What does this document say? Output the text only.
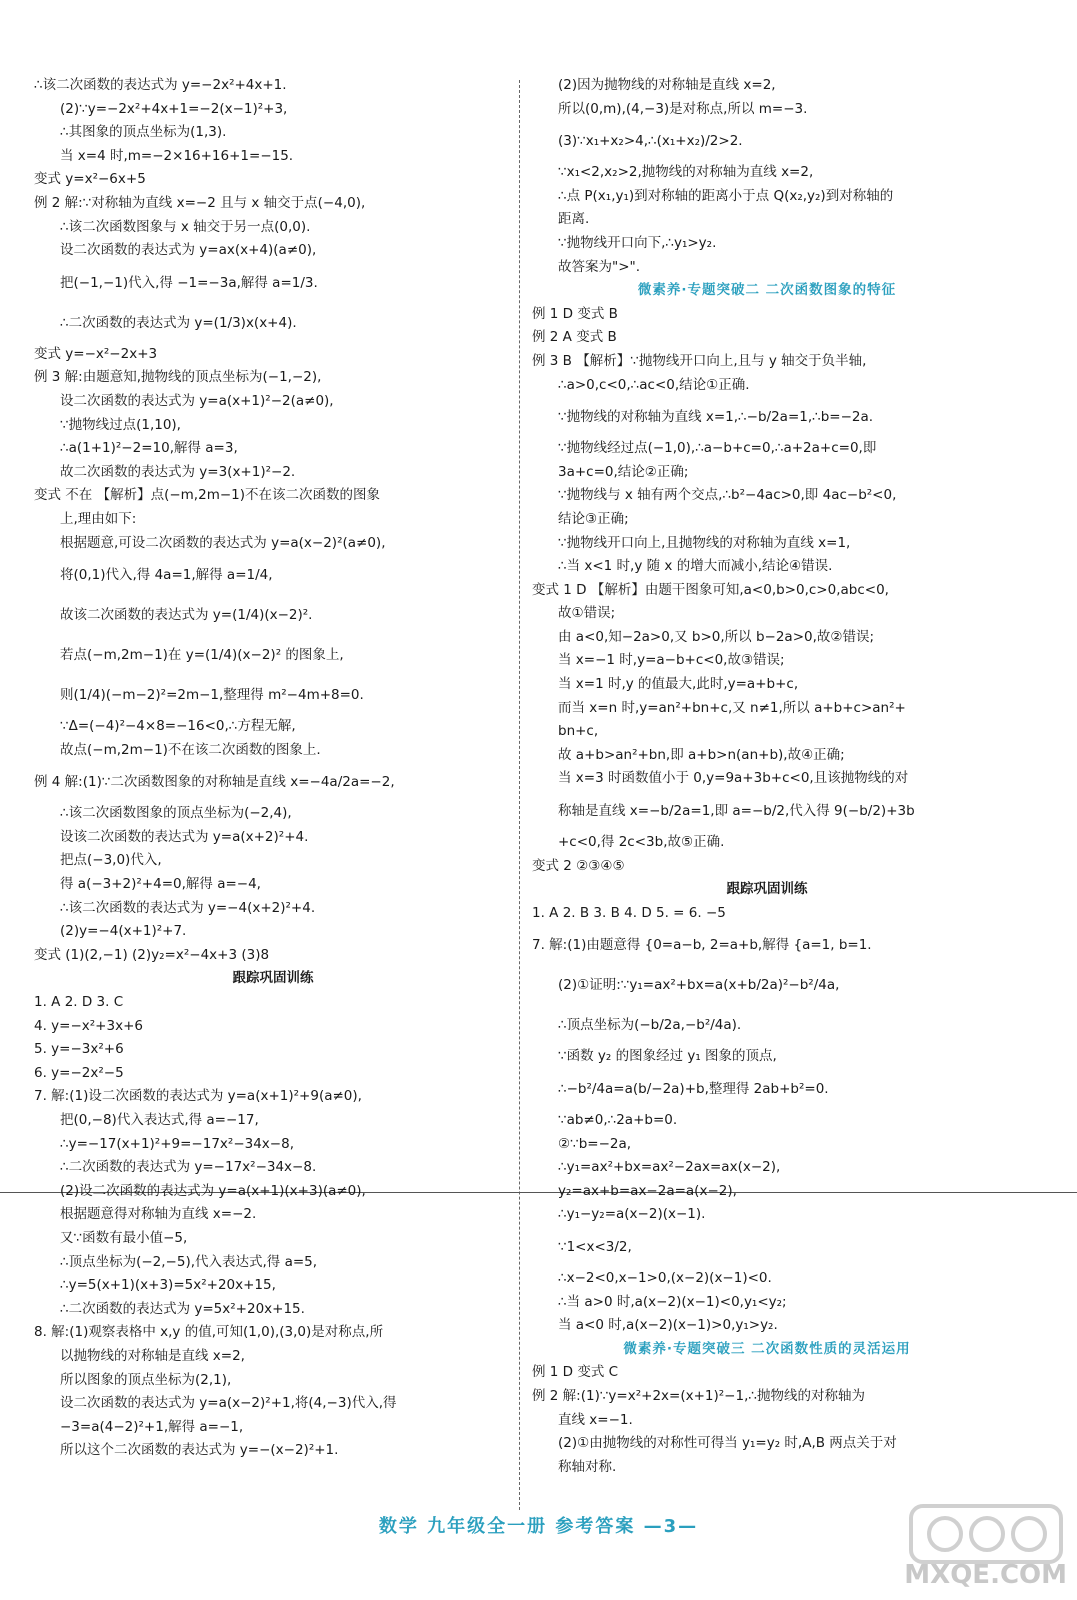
∴该二次函数的表达式为 y=−2x²+4x+1.
(2)∵y=−2x²+4x+1=−2(x−1)²+3,
∴其图象的顶点坐标为(1,3).
当 x=4 时,m=−2×16+16+1=−15.
变式 y=x²−6x+5
例 2 解:∵对称轴为直线 x=−2 且与 x 轴交于点(−4,0),
∴该二次函数图象与 x 轴交于另一点(0,0).
设二次函数的表达式为 y=ax(x+4)(a≠0),
把(−1,−1)代入,得 −1=−3a,解得 a=1/3.
∴二次函数的表达式为 y=(1/3)x(x+4).
变式 y=−x²−2x+3
例 3 解:由题意知,抛物线的顶点坐标为(−1,−2),
设二次函数的表达式为 y=a(x+1)²−2(a≠0),
∵抛物线过点(1,10),
∴a(1+1)²−2=10,解得 a=3,
故二次函数的表达式为 y=3(x+1)²−2.
变式 不在 【解析】点(−m,2m−1)不在该二次函数的图象
上,理由如下:
根据题意,可设二次函数的表达式为 y=a(x−2)²(a≠0),
将(0,1)代入,得 4a=1,解得 a=1/4,
故该二次函数的表达式为 y=(1/4)(x−2)².
若点(−m,2m−1)在 y=(1/4)(x−2)² 的图象上,
则(1/4)(−m−2)²=2m−1,整理得 m²−4m+8=0.
∵Δ=(−4)²−4×8=−16<0,∴方程无解,
故点(−m,2m−1)不在该二次函数的图象上.
例 4 解:(1)∵二次函数图象的对称轴是直线 x=−4a/2a=−2,
∴该二次函数图象的顶点坐标为(−2,4),
设该二次函数的表达式为 y=a(x+2)²+4.
把点(−3,0)代入,
得 a(−3+2)²+4=0,解得 a=−4,
∴该二次函数的表达式为 y=−4(x+2)²+4.
(2)y=−4(x+1)²+7.
变式 (1)(2,−1) (2)y₂=x²−4x+3 (3)8
跟踪巩固训练
1. A 2. D 3. C
4. y=−x²+3x+6
5. y=−3x²+6
6. y=−2x²−5
7. 解:(1)设二次函数的表达式为 y=a(x+1)²+9(a≠0),
把(0,−8)代入表达式,得 a=−17,
∴y=−17(x+1)²+9=−17x²−34x−8,
∴二次函数的表达式为 y=−17x²−34x−8.
(2)设二次函数的表达式为 y=a(x+1)(x+3)(a≠0),
根据题意得对称轴为直线 x=−2.
又∵函数有最小值−5,
∴顶点坐标为(−2,−5),代入表达式,得 a=5,
∴y=5(x+1)(x+3)=5x²+20x+15,
∴二次函数的表达式为 y=5x²+20x+15.
8. 解:(1)观察表格中 x,y 的值,可知(1,0),(3,0)是对称点,所
以抛物线的对称轴是直线 x=2,
所以图象的顶点坐标为(2,1),
设二次函数的表达式为 y=a(x−2)²+1,将(4,−3)代入,得
−3=a(4−2)²+1,解得 a=−1,
所以这个二次函数的表达式为 y=−(x−2)²+1.
(2)因为抛物线的对称轴是直线 x=2,
所以(0,m),(4,−3)是对称点,所以 m=−3.
(3)∵x₁+x₂>4,∴(x₁+x₂)/2>2.
∵x₁<2,x₂>2,抛物线的对称轴为直线 x=2,
∴点 P(x₁,y₁)到对称轴的距离小于点 Q(x₂,y₂)到对称轴的
距离.
∵抛物线开口向下,∴y₁>y₂.
故答案为">".
微素养·专题突破二 二次函数图象的特征
例 1 D 变式 B
例 2 A 变式 B
例 3 B 【解析】∵抛物线开口向上,且与 y 轴交于负半轴,
∴a>0,c<0,∴ac<0,结论①正确.
∵抛物线的对称轴为直线 x=1,∴−b/2a=1,∴b=−2a.
∵抛物线经过点(−1,0),∴a−b+c=0,∴a+2a+c=0,即
3a+c=0,结论②正确;
∵抛物线与 x 轴有两个交点,∴b²−4ac>0,即 4ac−b²<0,
结论③正确;
∵抛物线开口向上,且抛物线的对称轴为直线 x=1,
∴当 x<1 时,y 随 x 的增大而减小,结论④错误.
变式 1 D 【解析】由题干图象可知,a<0,b>0,c>0,abc<0,
故①错误;
由 a<0,知−2a>0,又 b>0,所以 b−2a>0,故②错误;
当 x=−1 时,y=a−b+c<0,故③错误;
当 x=1 时,y 的值最大,此时,y=a+b+c,
而当 x=n 时,y=an²+bn+c,又 n≠1,所以 a+b+c>an²+
bn+c,
故 a+b>an²+bn,即 a+b>n(an+b),故④正确;
当 x=3 时函数值小于 0,y=9a+3b+c<0,且该抛物线的对
称轴是直线 x=−b/2a=1,即 a=−b/2,代入得 9(−b/2)+3b
+c<0,得 2c<3b,故⑤正确.
变式 2 ②③④⑤
跟踪巩固训练
1. A 2. B 3. B 4. D 5. = 6. −5
7. 解:(1)由题意得 {0=a−b, 2=a+b,解得 {a=1, b=1.
(2)①证明:∵y₁=ax²+bx=a(x+b/2a)²−b²/4a,
∴顶点坐标为(−b/2a,−b²/4a).
∵函数 y₂ 的图象经过 y₁ 图象的顶点,
∴−b²/4a=a(b/−2a)+b,整理得 2ab+b²=0.
∵ab≠0,∴2a+b=0.
②∵b=−2a,
∴y₁=ax²+bx=ax²−2ax=ax(x−2),
y₂=ax+b=ax−2a=a(x−2),
∴y₁−y₂=a(x−2)(x−1).
∵1<x<3/2,
∴x−2<0,x−1>0,(x−2)(x−1)<0.
∴当 a>0 时,a(x−2)(x−1)<0,y₁<y₂;
当 a<0 时,a(x−2)(x−1)>0,y₁>y₂.
微素养·专题突破三 二次函数性质的灵活运用
例 1 D 变式 C
例 2 解:(1)∵y=x²+2x=(x+1)²−1,∴抛物线的对称轴为
直线 x=−1.
(2)①由抛物线的对称性可得当 y₁=y₂ 时,A,B 两点关于对
称轴对称.
数学 九年级全一册 参考答案 —3—
MXQE.COM
